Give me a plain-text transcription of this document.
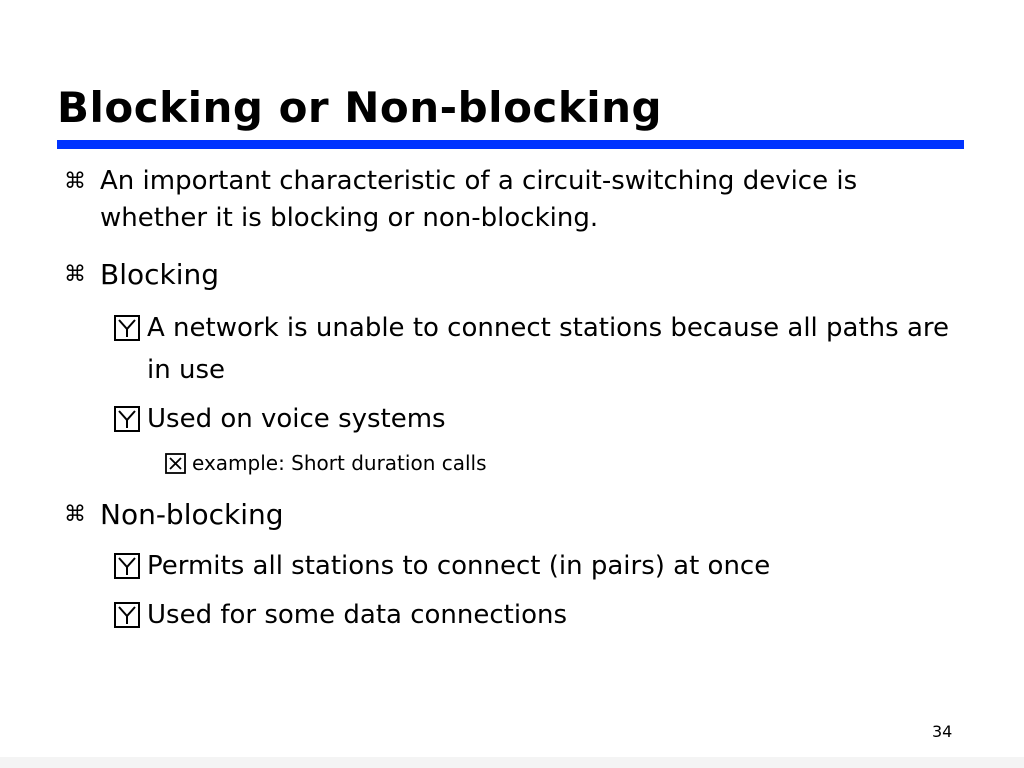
Blocking or Non-blocking
⌘ An important characteristic of a circuit-switching device is whether it is blocking or non-blocking.
⌘ Blocking
A network is unable to connect stations because all paths are in use
Used on voice systems
example: Short duration calls
⌘ Non-blocking
Permits all stations to connect (in pairs) at once
Used for some data connections
34
